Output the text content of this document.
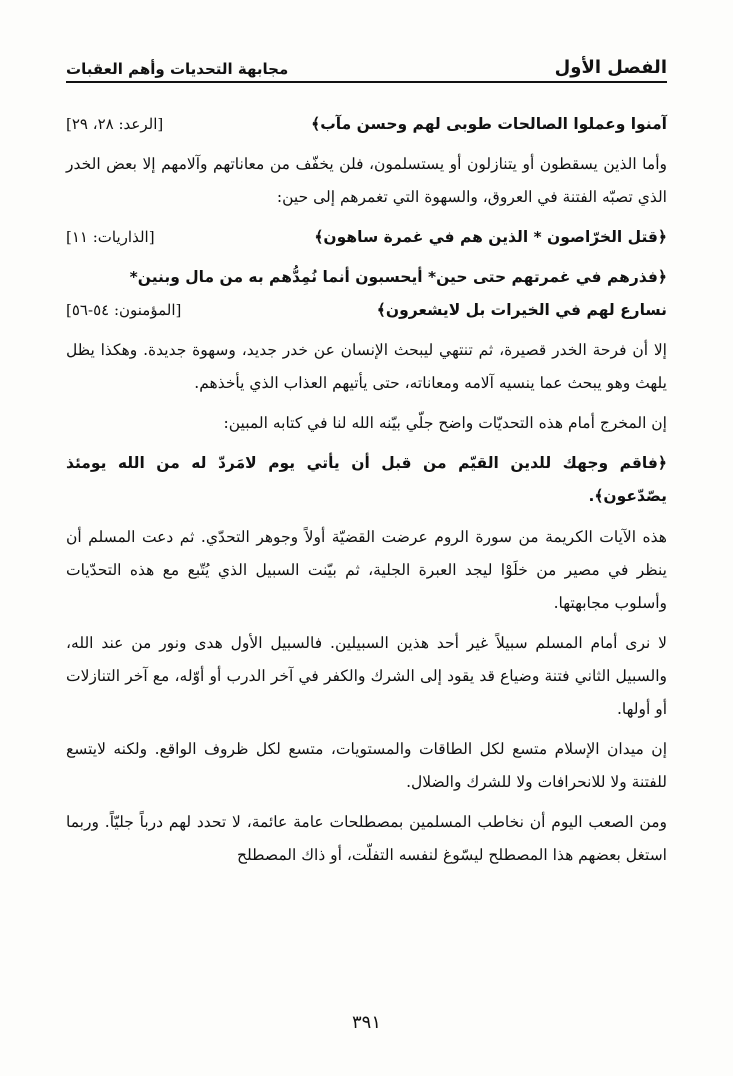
الفصل الأول
مجابهة التحديات وأهم العقبات
آمنوا وعملوا الصالحات طوبى لهم وحسن مآب﴾
[الرعد: ٢٨، ٢٩]

وأما الذين يسقطون أو يتنازلون أو يستسلمون، فلن يخفّف من معاناتهم وآلامهم إلا بعض الخدر الذي تصبّه الفتنة في العروق، والسهوة التي تغمرهم إلى حين:

﴿قتل الخرّاصون * الذين هم في غمرة ساهون﴾
[الذاريات: ١١]
﴿فذرهم في غمرتهم حتى حين* أيحسبون أنما نُمِدُّهم به من مال وبنين*
نسارع لهم في الخيرات بل لايشعرون﴾
[المؤمنون: ٥٤-٥٦]

إلا أن فرحة الخدر قصيرة، ثم تنتهي ليبحث الإنسان عن خدر جديد، وسهوة جديدة. وهكذا يظل يلهث وهو يبحث عما ينسيه آلامه ومعاناته، حتى يأتيهم العذاب الذي يأخذهم.

إن المخرج أمام هذه التحديّات واضح جلّي بيّنه الله لنا في كتابه المبين:

﴿فاقم وجهك للدين القيّم من قبل أن يأتي يوم لامَردّ له من الله يومئذ يصّدّعون﴾.

هذه الآيات الكريمة من سورة الروم عرضت القضيّة أولاً وجوهر التحدّي. ثم دعت المسلم أن ينظر في مصير من خلَوْا ليجد العبرة الجلية، ثم بيّنت السبيل الذي يُتّبع مع هذه التحدّيات وأسلوب مجابهتها.

لا نرى أمام المسلم سبيلاً غير أحد هذين السبيلين. فالسبيل الأول هدى ونور من عند الله، والسبيل الثاني فتنة وضياع قد يقود إلى الشرك والكفر في آخر الدرب أو أوّله، مع آخر التنازلات أو أولها.

إن ميدان الإسلام متسع لكل الطاقات والمستويات، متسع لكل ظروف الواقع. ولكنه لايتسع للفتنة ولا للانحرافات ولا للشرك والضلال.

ومن الصعب اليوم أن نخاطب المسلمين بمصطلحات عامة عائمة، لا تحدد لهم درباً جليّاً. وربما استغل بعضهم هذا المصطلح ليسّوغ لنفسه التفلّت، أو ذاك المصطلح

٣٩١
